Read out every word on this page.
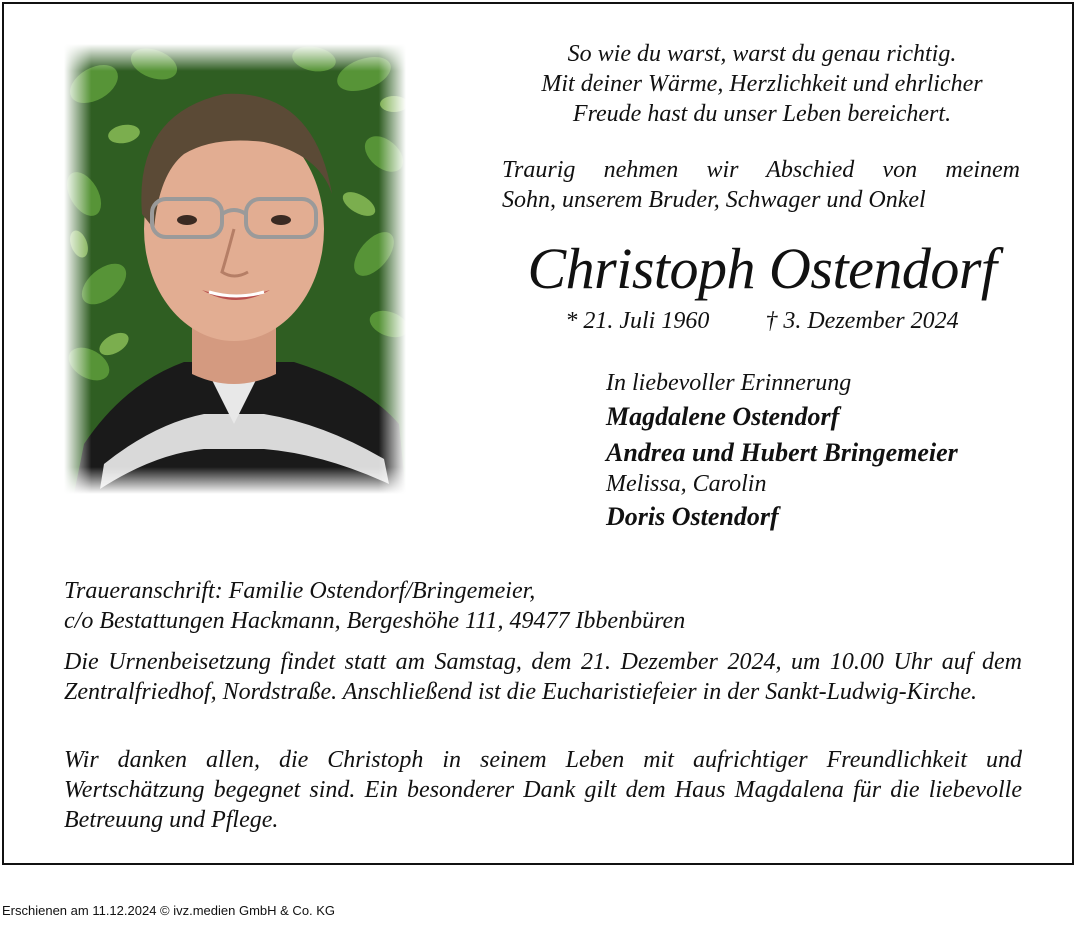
So wie du warst, warst du genau richtig.
Mit deiner Wärme, Herzlichkeit und ehrlicher
Freude hast du unser Leben bereichert.
Traurig nehmen wir Abschied von meinem
Sohn, unserem Bruder, Schwager und Onkel
Christoph Ostendorf
* 21. Juli 1960 † 3. Dezember 2024
In liebevoller Erinnerung
Magdalene Ostendorf
Andrea und Hubert Bringemeier
Melissa, Carolin
Doris Ostendorf
Traueranschrift: Familie Ostendorf/Bringemeier,
c/o Bestattungen Hackmann, Bergeshöhe 111, 49477 Ibbenbüren
Die Urnenbeisetzung findet statt am Samstag, dem 21. Dezember 2024, um 10.00 Uhr auf dem Zentralfriedhof, Nordstraße. Anschließend ist die Eucharistiefeier in der Sankt-Ludwig-Kirche.
Wir danken allen, die Christoph in seinem Leben mit aufrichtiger Freundlichkeit und Wertschätzung begegnet sind. Ein besonderer Dank gilt dem Haus Magdalena für die liebevolle Betreuung und Pflege.
Erschienen am 11.12.2024 © ivz.medien GmbH & Co. KG
